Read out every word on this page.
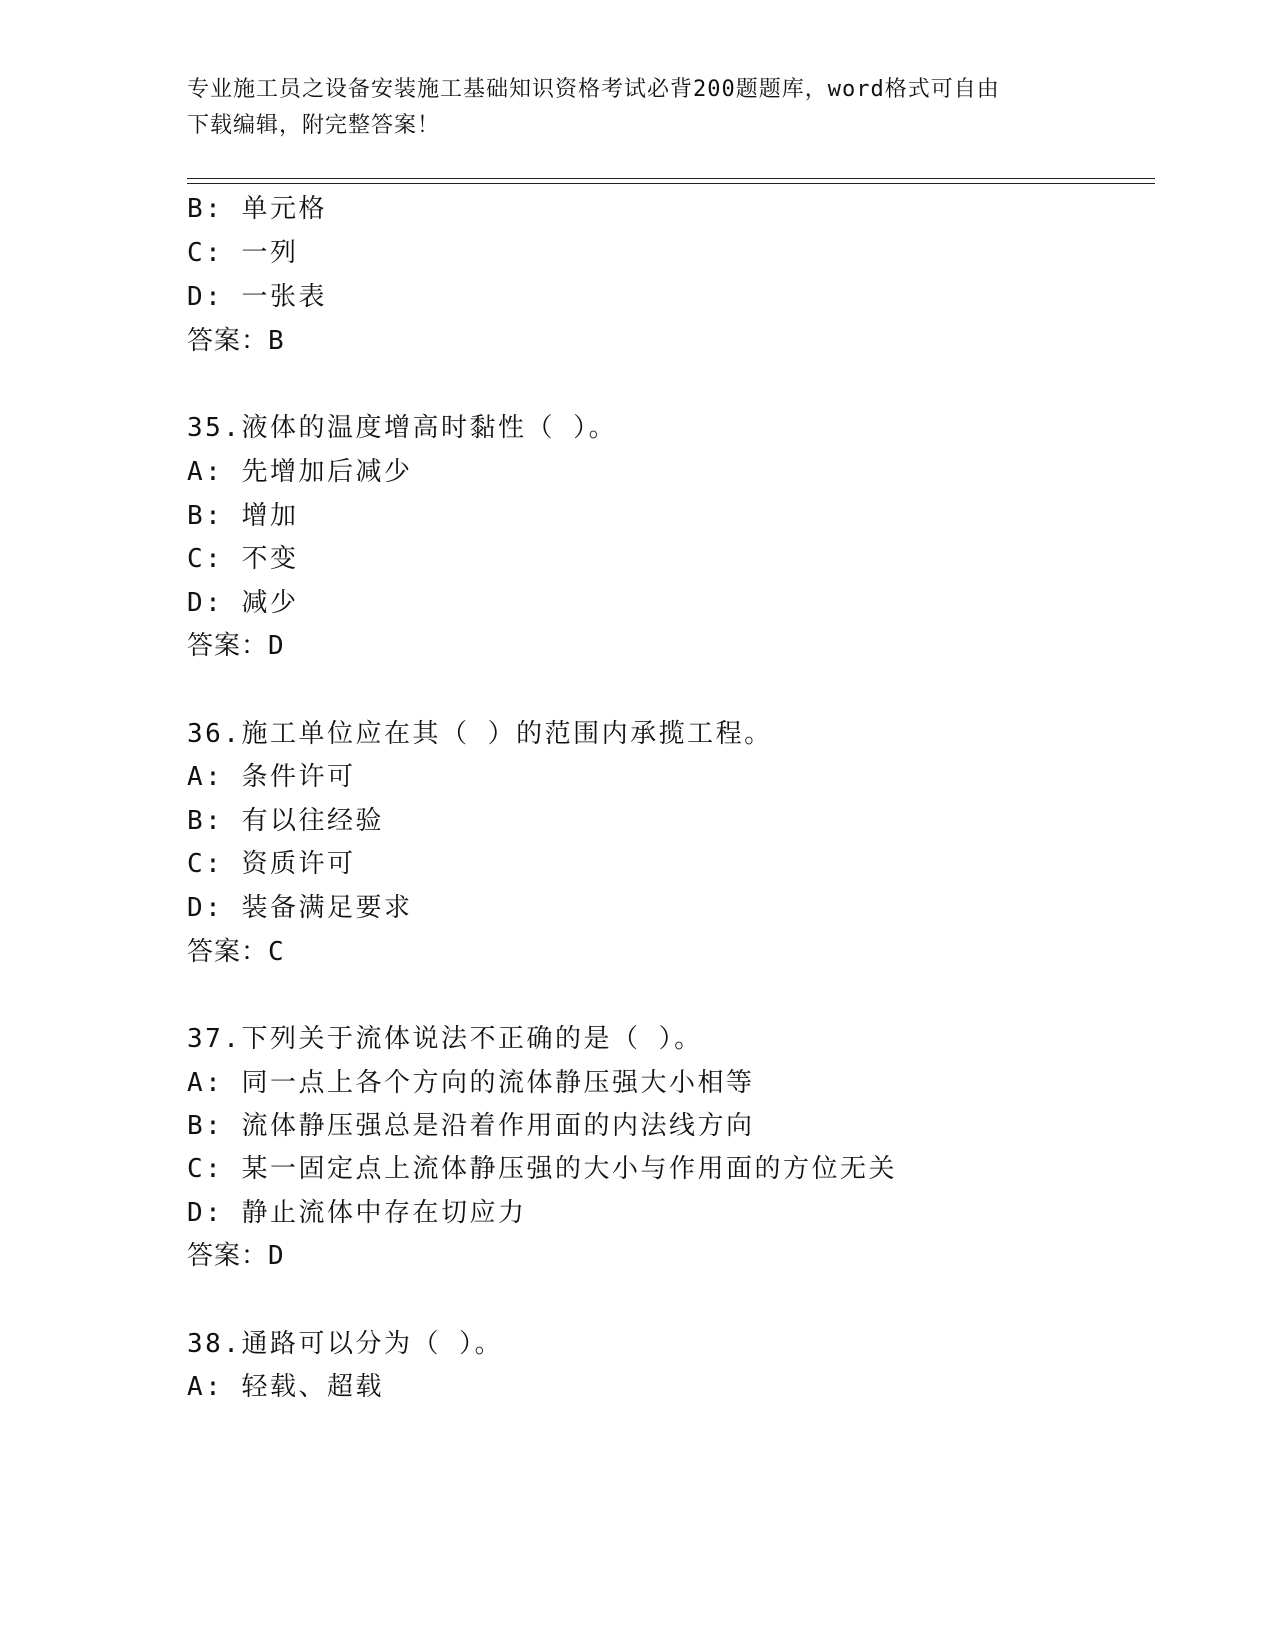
专业施工员之设备安装施工基础知识资格考试必背200题题库，word格式可自由
下载编辑，附完整答案！
B: 单元格
C: 一列
D: 一张表
答案：B
35.液体的温度增高时黏性（ ）。
A: 先增加后减少
B: 增加
C: 不变
D: 减少
答案：D
36.施工单位应在其（ ）的范围内承揽工程。
A: 条件许可
B: 有以往经验
C: 资质许可
D: 装备满足要求
答案：C
37.下列关于流体说法不正确的是（ ）。
A: 同一点上各个方向的流体静压强大小相等
B: 流体静压强总是沿着作用面的内法线方向
C: 某一固定点上流体静压强的大小与作用面的方位无关
D: 静止流体中存在切应力
答案：D
38.通路可以分为（ ）。
A: 轻载、超载
